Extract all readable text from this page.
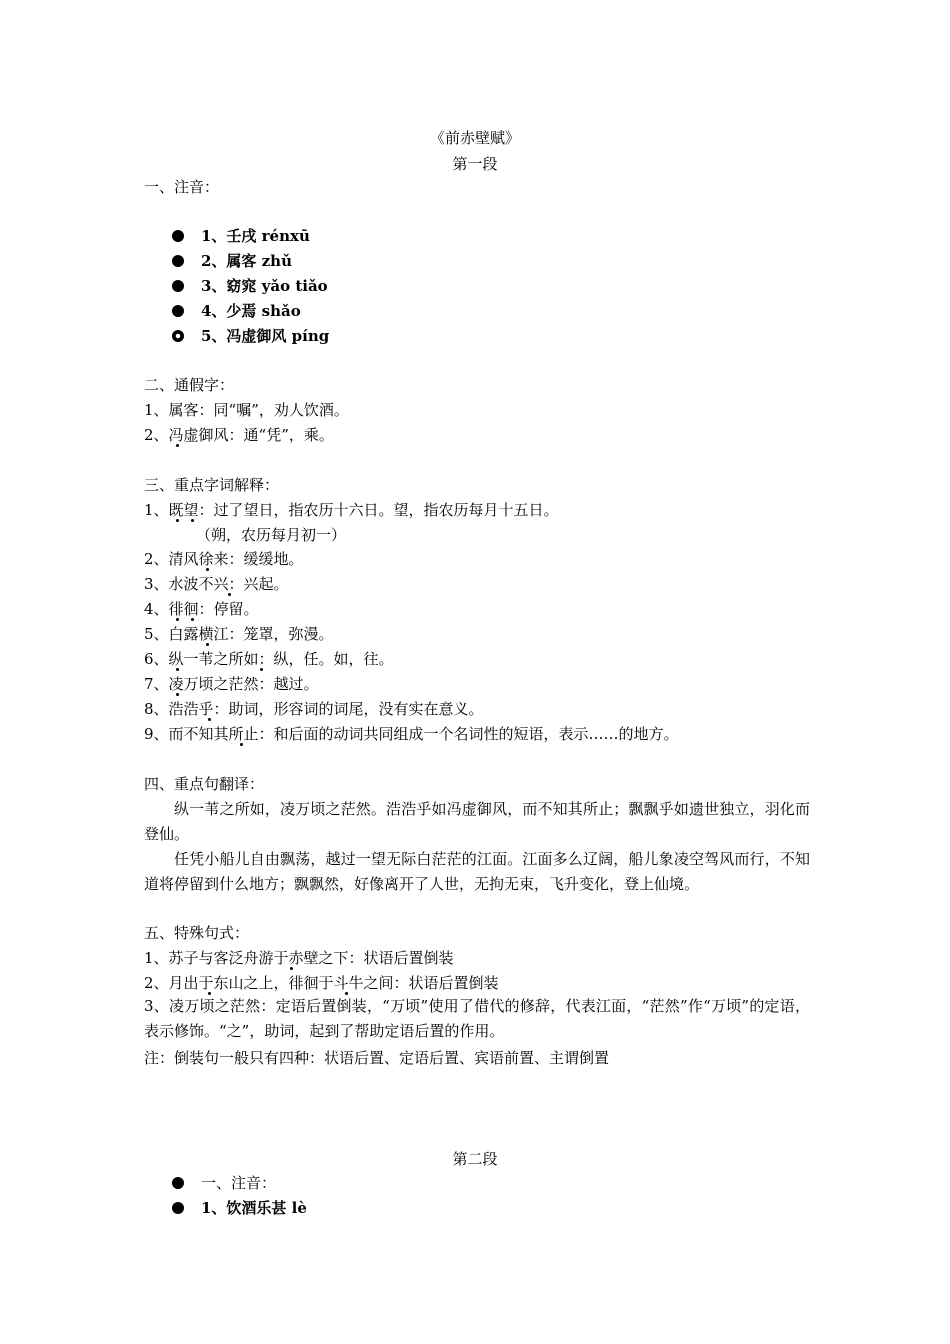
《前赤壁赋》
第一段
一、注音：
1、壬戌 rénxū
2、属客 zhǔ
3、窈窕 yǎo tiǎo
4、少焉 shǎo
5、冯虚御风 píng
二、通假字：
1、属客：同“嘱”，劝人饮酒。
2、冯虚御风：通“凭”，乘。
三、重点字词解释：
1、既望：过了望日，指农历十六日。望，指农历每月十五日。
（朔，农历每月初一）
2、清风徐来：缓缓地。
3、水波不兴：兴起。
4、徘徊：停留。
5、白露横江：笼罩，弥漫。
6、纵一苇之所如：纵，任。如，往。
7、凌万顷之茫然：越过。
8、浩浩乎：助词，形容词的词尾，没有实在意义。
9、而不知其所止：和后面的动词共同组成一个名词性的短语，表示……的地方。
四、重点句翻译：
纵一苇之所如，凌万顷之茫然。浩浩乎如冯虚御风，而不知其所止；飘飘乎如遗世独立，羽化而登仙。
任凭小船儿自由飘荡，越过一望无际白茫茫的江面。江面多么辽阔，船儿象凌空驾风而行，不知道将停留到什么地方；飘飘然，好像离开了人世，无拘无束，飞升变化，登上仙境。
五、特殊句式：
1、苏子与客泛舟游于赤壁之下：状语后置倒装
2、月出于东山之上，徘徊于斗牛之间：状语后置倒装
3、凌万顷之茫然：定语后置倒装，“万顷”使用了借代的修辞，代表江面，“茫然”作“万顷”的定语，表示修饰。“之”，助词，起到了帮助定语后置的作用。
注：倒装句一般只有四种：状语后置、定语后置、宾语前置、主谓倒置
第二段
一、注音：
1、饮酒乐甚 lè
